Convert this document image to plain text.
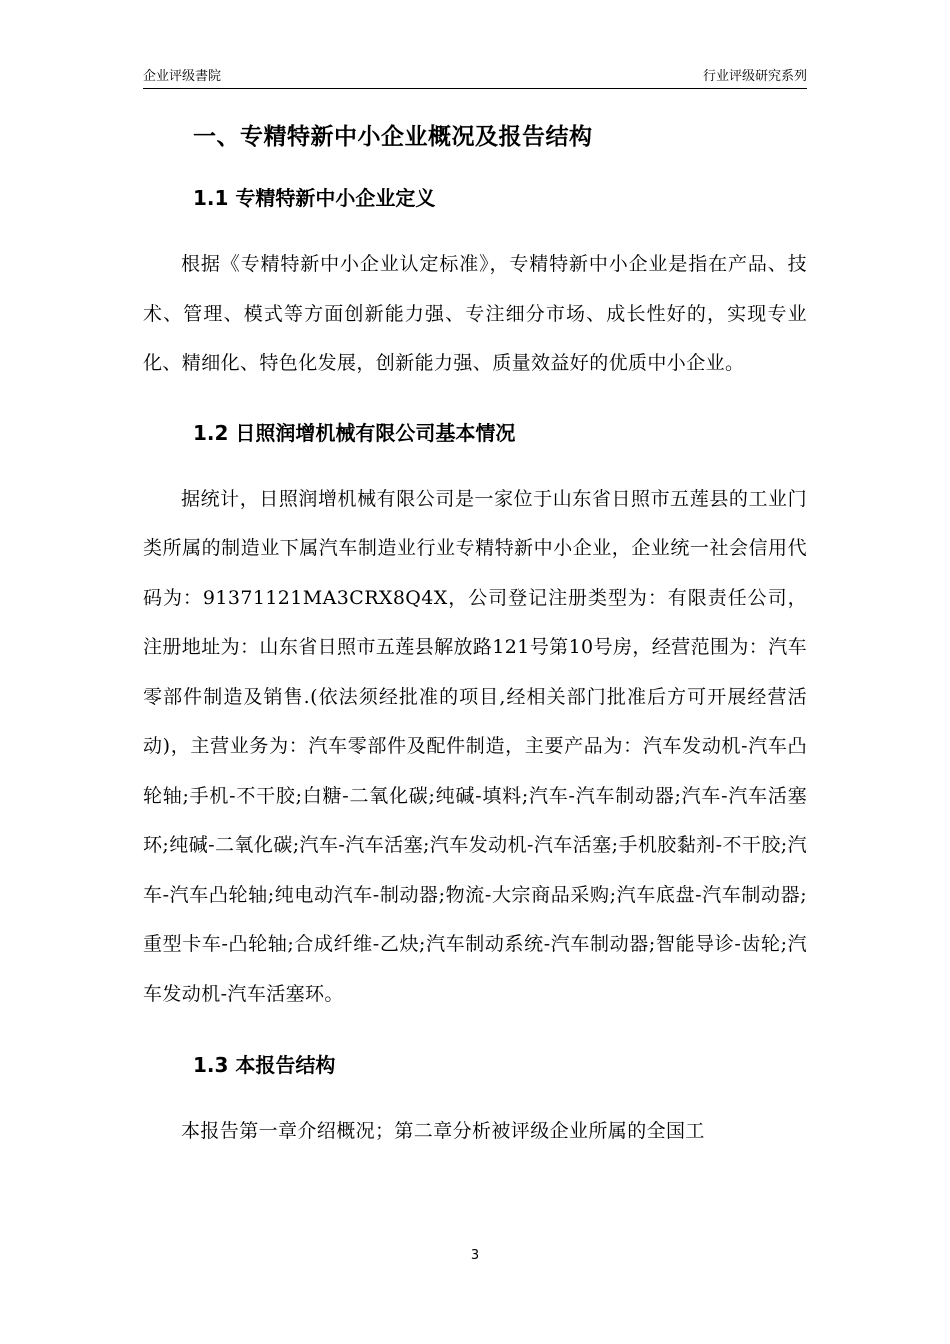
企业评级書院	行业评级研究系列
一、专精特新中小企业概况及报告结构
1.1 专精特新中小企业定义

根据《专精特新中小企业认定标准》，专精特新中小企业是指在产品、技术、管理、模式等方面创新能力强、专注细分市场、成长性好的，实现专业化、精细化、特色化发展，创新能力强、质量效益好的优质中小企业。

1.2 日照润增机械有限公司基本情况

据统计，日照润增机械有限公司是一家位于山东省日照市五莲县的工业门类所属的制造业下属汽车制造业行业专精特新中小企业，企业统一社会信用代码为：91371121MA3CRX8Q4X，公司登记注册类型为：有限责任公司，注册地址为：山东省日照市五莲县解放路121号第10号房，经营范围为：汽车零部件制造及销售.(依法须经批准的项目,经相关部门批准后方可开展经营活动)，主营业务为：汽车零部件及配件制造，主要产品为：汽车发动机-汽车凸轮轴;手机-不干胶;白糖-二氧化碳;纯碱-填料;汽车-汽车制动器;汽车-汽车活塞环;纯碱-二氧化碳;汽车-汽车活塞;汽车发动机-汽车活塞;手机胶黏剂-不干胶;汽车-汽车凸轮轴;纯电动汽车-制动器;物流-大宗商品采购;汽车底盘-汽车制动器;重型卡车-凸轮轴;合成纤维-乙炔;汽车制动系统-汽车制动器;智能导诊-齿轮;汽车发动机-汽车活塞环。

1.3 本报告结构

本报告第一章介绍概况；第二章分析被评级企业所属的全国工

3
